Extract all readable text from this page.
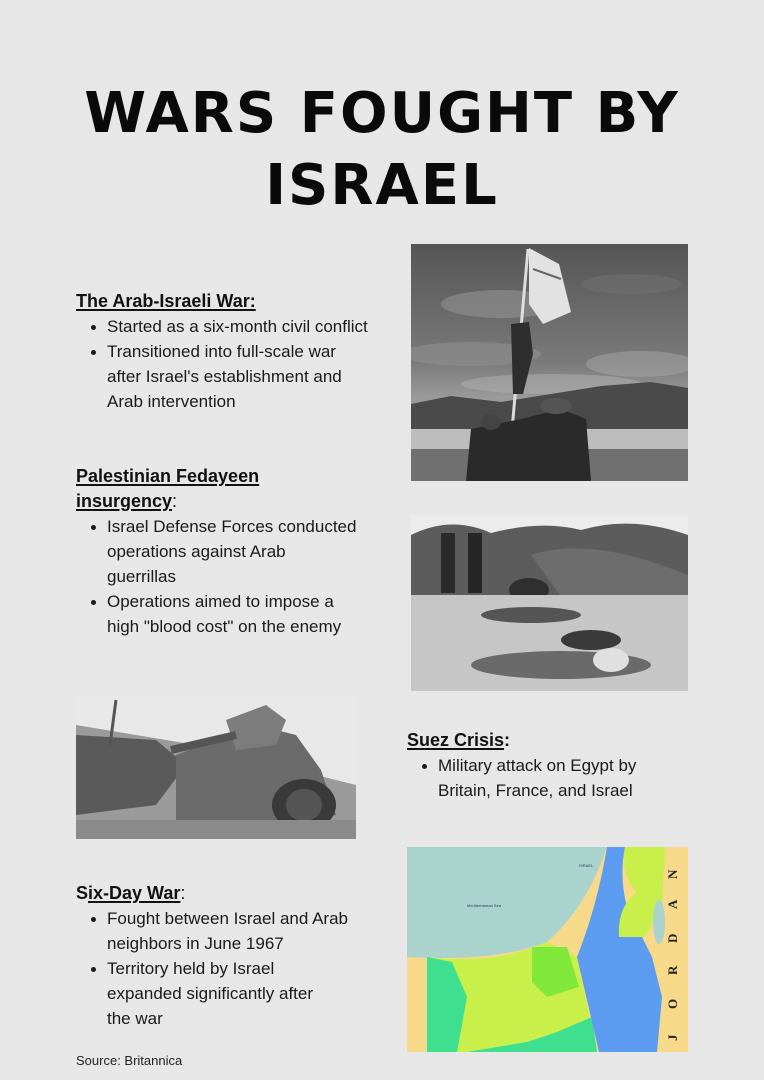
WARS FOUGHT BY ISRAEL
The Arab-Israeli War:
Started as a six-month civil conflict
Transitioned into full-scale war after Israel's establishment and Arab intervention
Palestinian Fedayeen insurgency:
Israel Defense Forces conducted operations against Arab guerrillas
Operations aimed to impose a high "blood cost" on the enemy
Suez Crisis:
Military attack on Egypt by Britain, France, and Israel
Six-Day War:
Fought between Israel and Arab neighbors in June 1967
Territory held by Israel expanded significantly after the war
ISRAEL
Mediterranean Sea
N
A
D
R
O
J
Source: Britannica
